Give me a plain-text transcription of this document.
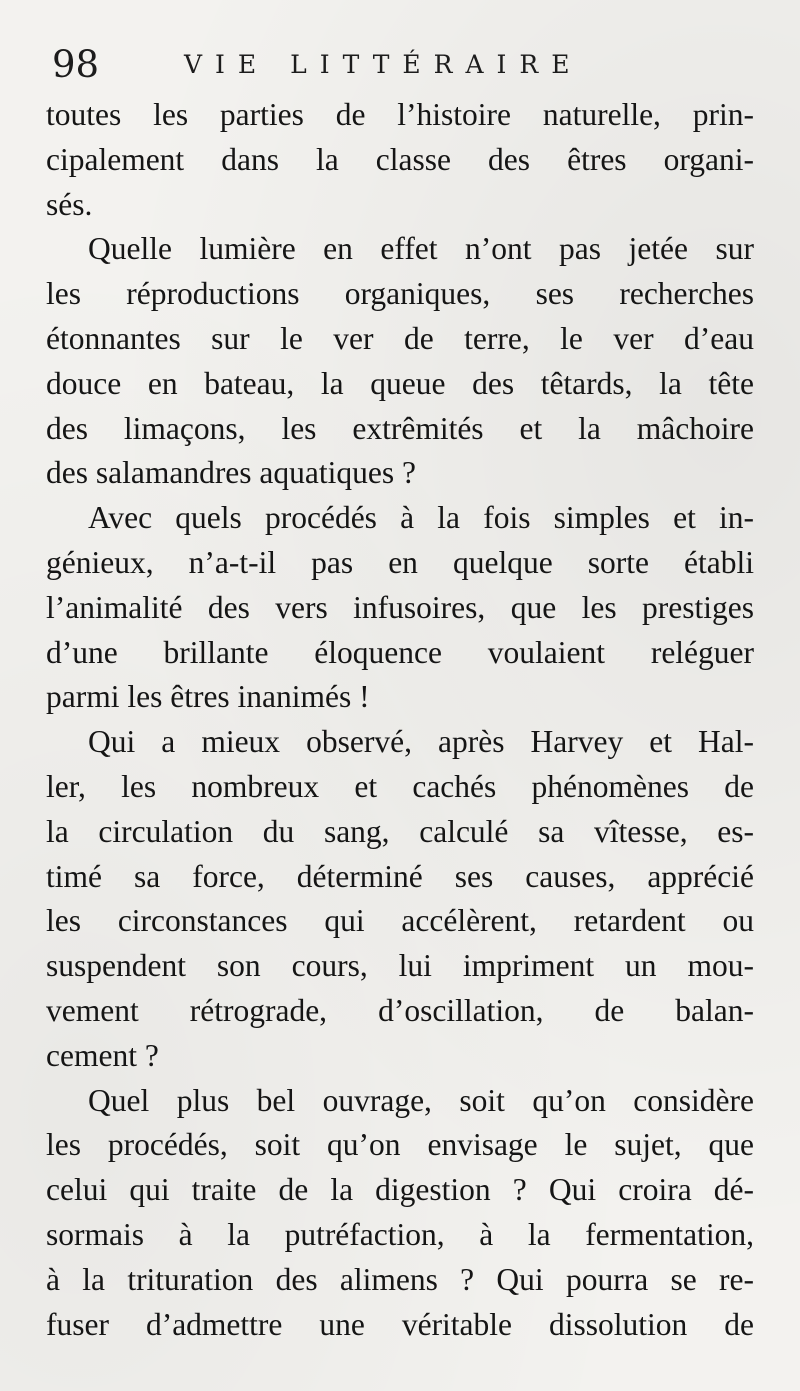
98	VIE LITTÉRAIRE

toutes les parties de l’histoire naturelle, prin-
cipalement dans la classe des êtres organi-
sés.

Quelle lumière en effet n’ont pas jetée sur
les réproductions organiques, ses recherches
étonnantes sur le ver de terre, le ver d’eau
douce en bateau, la queue des têtards, la tête
des limaçons, les extrêmités et la mâchoire
des salamandres aquatiques ?

Avec quels procédés à la fois simples et in-
génieux, n’a-t-il pas en quelque sorte établi
l’animalité des vers infusoires, que les prestiges
d’une brillante éloquence voulaient reléguer
parmi les êtres inanimés !

Qui a mieux observé, après Harvey et Hal-
ler, les nombreux et cachés phénomènes de
la circulation du sang, calculé sa vîtesse, es-
timé sa force, déterminé ses causes, apprécié
les circonstances qui accélèrent, retardent ou
suspendent son cours, lui impriment un mou-
vement rétrograde, d’oscillation, de balan-
cement ?

Quel plus bel ouvrage, soit qu’on considère
les procédés, soit qu’on envisage le sujet, que
celui qui traite de la digestion ? Qui croira dé-
sormais à la putréfaction, à la fermentation,
à la trituration des alimens ? Qui pourra se re-
fuser d’admettre une véritable dissolution de
